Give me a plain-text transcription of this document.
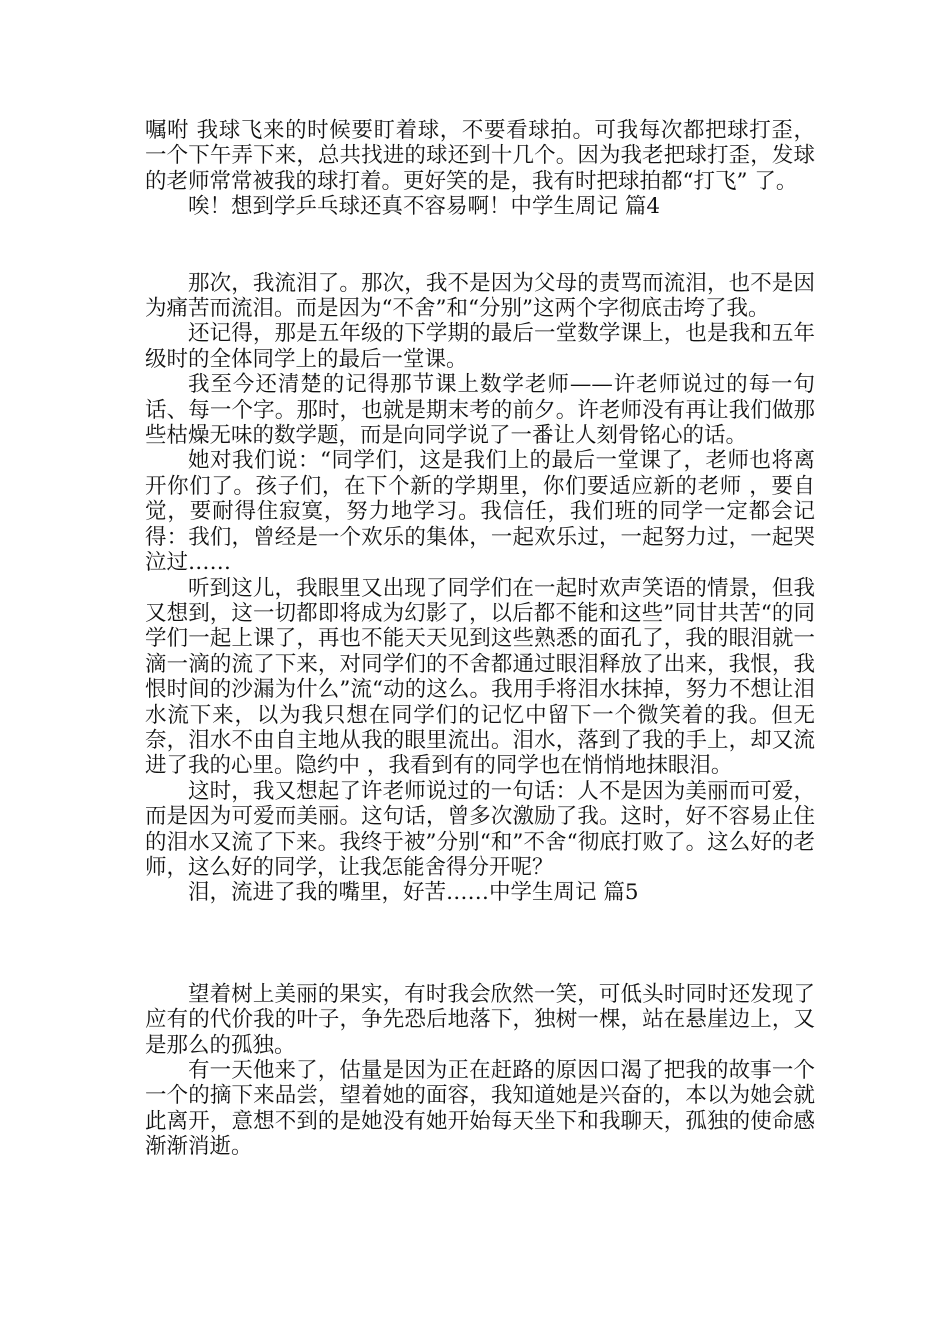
嘱咐 我球飞来的时候要盯着球，不要看球拍。可我每次都把球打歪，一个下午弄下来，总共找进的球还到十几个。因为我老把球打歪，发球的老师常常被我的球打着。更好笑的是，我有时把球拍都“打飞” 了。

唉！想到学乒乓球还真不容易啊！中学生周记 篇4

那次，我流泪了。那次，我不是因为父母的责骂而流泪，也不是因为痛苦而流泪。而是因为“不舍”和“分别”这两个字彻底击垮了我。

还记得，那是五年级的下学期的最后一堂数学课上，也是我和五年级时的全体同学上的最后一堂课。

我至今还清楚的记得那节课上数学老师——许老师说过的每一句话、每一个字。那时，也就是期末考的前夕。许老师没有再让我们做那些枯燥无味的数学题，而是向同学说了一番让人刻骨铭心的话。

她对我们说：“同学们，这是我们上的最后一堂课了，老师也将离开你们了。孩子们，在下个新的学期里，你们要适应新的老师 ，要自觉，要耐得住寂寞，努力地学习。我信任，我们班的同学一定都会记得：我们，曾经是一个欢乐的集体，一起欢乐过，一起努力过，一起哭泣过……

听到这儿，我眼里又出现了同学们在一起时欢声笑语的情景，但我又想到，这一切都即将成为幻影了，以后都不能和这些”同甘共苦“的同学们一起上课了，再也不能天天见到这些熟悉的面孔了，我的眼泪就一滴一滴的流了下来，对同学们的不舍都通过眼泪释放了出来，我恨，我恨时间的沙漏为什么”流“动的这么。我用手将泪水抹掉，努力不想让泪水流下来，以为我只想在同学们的记忆中留下一个微笑着的我。但无奈，泪水不由自主地从我的眼里流出。泪水，落到了我的手上，却又流进了我的心里。隐约中 ，我看到有的同学也在悄悄地抹眼泪。

这时，我又想起了许老师说过的一句话：人不是因为美丽而可爱，而是因为可爱而美丽。这句话，曾多次激励了我。这时，好不容易止住的泪水又流了下来。我终于被”分别“和”不舍“彻底打败了。这么好的老师，这么好的同学，让我怎能舍得分开呢？

泪，流进了我的嘴里，好苦……中学生周记 篇5

望着树上美丽的果实，有时我会欣然一笑，可低头时同时还发现了应有的代价我的叶子，争先恐后地落下，独树一棵，站在悬崖边上，又是那么的孤独。

有一天他来了，估量是因为正在赶路的原因口渴了把我的故事一个一个的摘下来品尝，望着她的面容，我知道她是兴奋的，本以为她会就此离开，意想不到的是她没有她开始每天坐下和我聊天，孤独的使命感渐渐消逝。
